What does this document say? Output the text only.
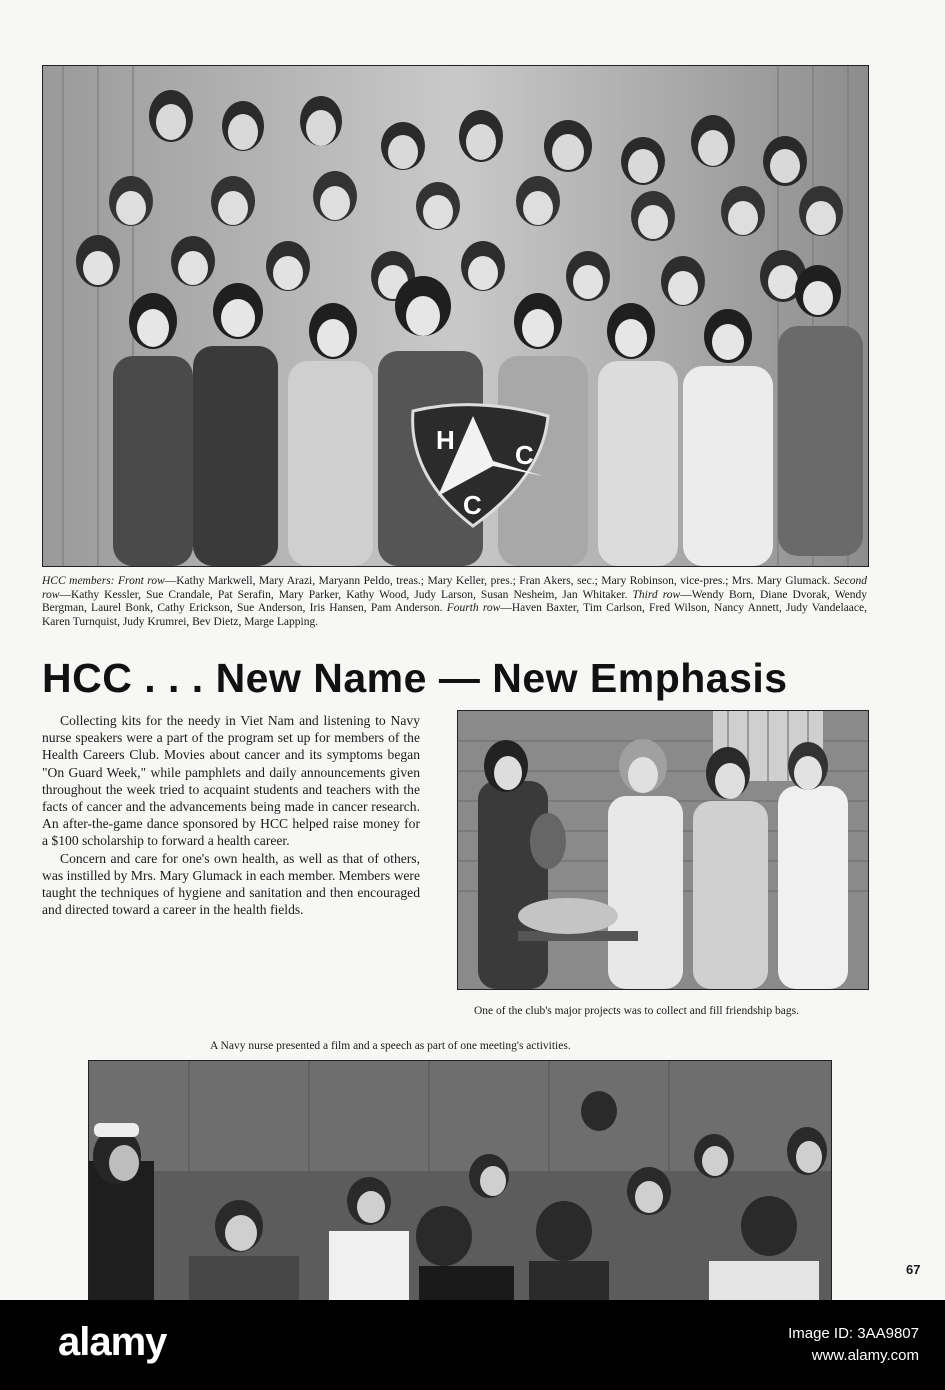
H C
C
HCC members: Front row—Kathy Markwell, Mary Arazi, Maryann Peldo, treas.; Mary Keller, pres.; Fran Akers, sec.; Mary Robinson, vice-pres.; Mrs. Mary Glumack. Second row—Kathy Kessler, Sue Crandale, Pat Serafin, Mary Parker, Kathy Wood, Judy Larson, Susan Nesheim, Jan Whitaker. Third row—Wendy Born, Diane Dvorak, Wendy Bergman, Laurel Bonk, Cathy Erickson, Sue Anderson, Iris Hansen, Pam Anderson. Fourth row—Haven Baxter, Tim Carlson, Fred Wilson, Nancy Annett, Judy Vandelaace, Karen Turnquist, Judy Krumrei, Bev Dietz, Marge Lapping.
HCC . . . New Name — New Emphasis

Collecting kits for the needy in Viet Nam and listening to Navy nurse speakers were a part of the program set up for members of the Health Careers Club. Movies about cancer and its symptoms began "On Guard Week," while pamphlets and daily announcements given throughout the week tried to acquaint students and teachers with the facts of cancer and the advancements being made in cancer research. An after-the-game dance sponsored by HCC helped raise money for a $100 scholarship to forward a health career.

Concern and care for one's own health, as well as that of others, was instilled by Mrs. Mary Glumack in each member. Members were taught the techniques of hygiene and sanitation and then encouraged and directed toward a career in the health fields.

One of the club's major projects was to collect and fill friendship bags.
A Navy nurse presented a film and a speech as part of one meeting's activities.
67
alamy	Image ID: 3AA9807
www.alamy.com
